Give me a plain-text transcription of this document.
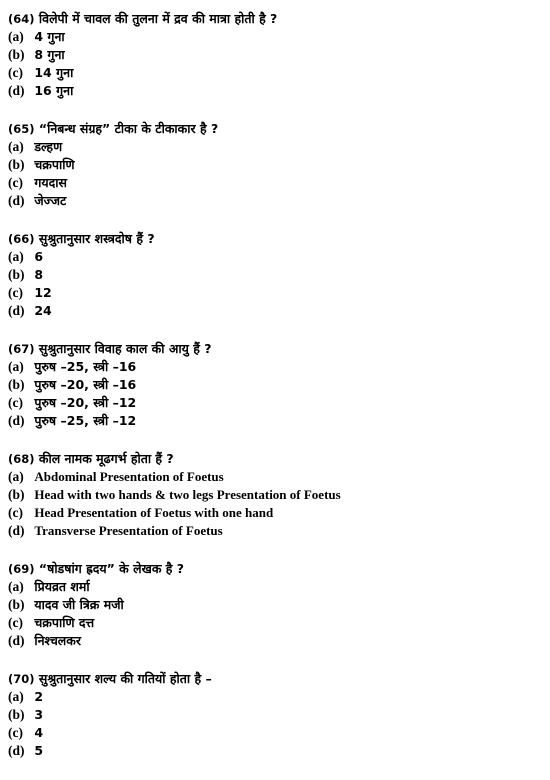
(64) विलेपी में चावल की तुलना में द्रव की मात्रा होती है ?
(a) 4 गुना
(b) 8 गुना
(c) 14 गुना
(d) 16 गुना
(65) “निबन्ध संग्रह” टीका के टीकाकार है ?
(a) डल्हण
(b) चक्रपाणि
(c) गयदास
(d) जेज्जट
(66) सुश्रुतानुसार शस्त्रदोष हैं ?
(a) 6
(b) 8
(c) 12
(d) 24
(67) सुश्रुतानुसार विवाह काल की आयु हैं ?
(a) पुरुष –25, स्त्री –16
(b) पुरुष –20, स्त्री –16
(c) पुरुष –20, स्त्री –12
(d) पुरुष –25, स्त्री –12
(68) कील नामक मूढगर्भ होता हैं ?
(a) Abdominal Presentation of Foetus
(b) Head with two hands & two legs Presentation of Foetus
(c) Head Presentation of Foetus with one hand
(d) Transverse Presentation of Foetus
(69) “षोडषांग ह्रदय” के लेखक है ?
(a) प्रियव्रत शर्मा
(b) यादव जी त्रिक्र मजी
(c) चक्रपाणि दत्त
(d) निश्चलकर
(70) सुश्रुतानुसार शल्य की गतियों होता है –
(a) 2
(b) 3
(c) 4
(d) 5
